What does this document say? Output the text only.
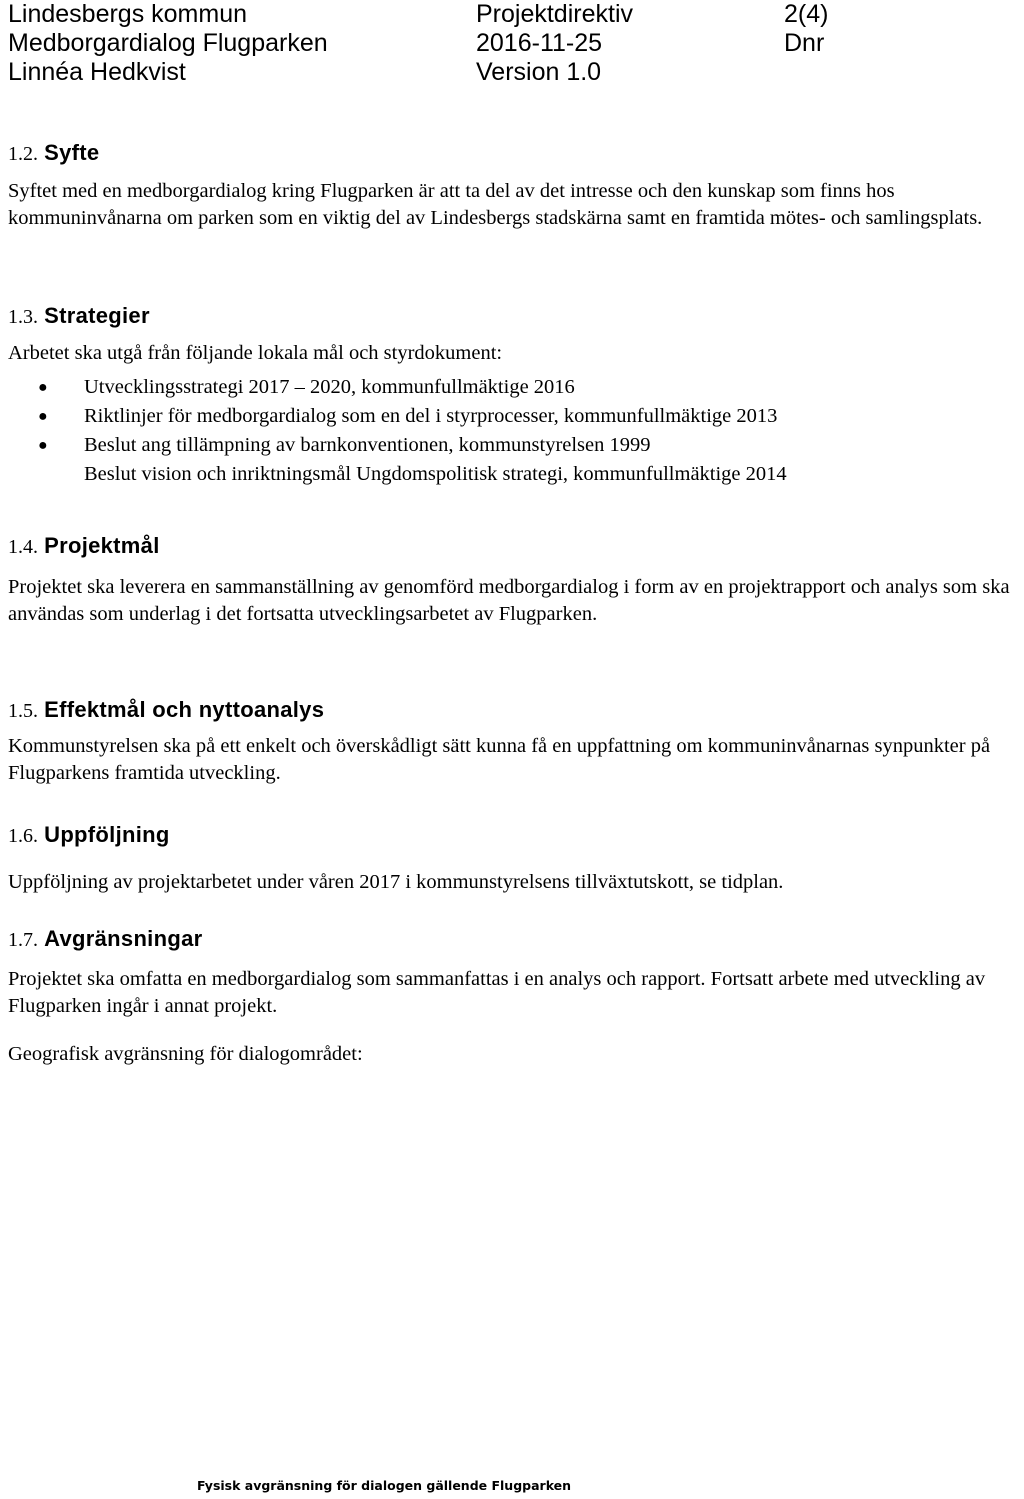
Lindesbergs kommun
Medborgardialog Flugparken
Linnéa Hedkvist
Projektdirektiv
2016-11-25
Version 1.0
2(4)
Dnr
1.2. Syfte

Syftet med en medborgardialog kring Flugparken är att ta del av det intresse och den kunskap som finns hos kommuninvånarna om parken som en viktig del av Lindesbergs stadskärna samt en framtida mötes- och samlingsplats.

1.3. Strategier

Arbetet ska utgå från följande lokala mål och styrdokument:

● Utvecklingsstrategi 2017 – 2020, kommunfullmäktige 2016
● Riktlinjer för medborgardialog som en del i styrprocesser, kommunfullmäktige 2013
● Beslut ang tillämpning av barnkonventionen, kommunstyrelsen 1999
Beslut vision och inriktningsmål Ungdomspolitisk strategi, kommunfullmäktige 2014
1.4. Projektmål

Projektet ska leverera en sammanställning av genomförd medborgardialog i form av en projektrapport och analys som ska användas som underlag i det fortsatta utvecklingsarbetet av Flugparken.

1.5. Effektmål och nyttoanalys

Kommunstyrelsen ska på ett enkelt och överskådligt sätt kunna få en uppfattning om kommuninvånarnas synpunkter på Flugparkens framtida utveckling.

1.6. Uppföljning

Uppföljning av projektarbetet under våren 2017 i kommunstyrelsens tillväxtutskott, se tidplan.

1.7. Avgränsningar

Projektet ska omfatta en medborgardialog som sammanfattas i en analys och rapport. Fortsatt arbete med utveckling av Flugparken ingår i annat projekt.

Geografisk avgränsning för dialogområdet:

Fysisk avgränsning för dialogen gällende Flugparken
